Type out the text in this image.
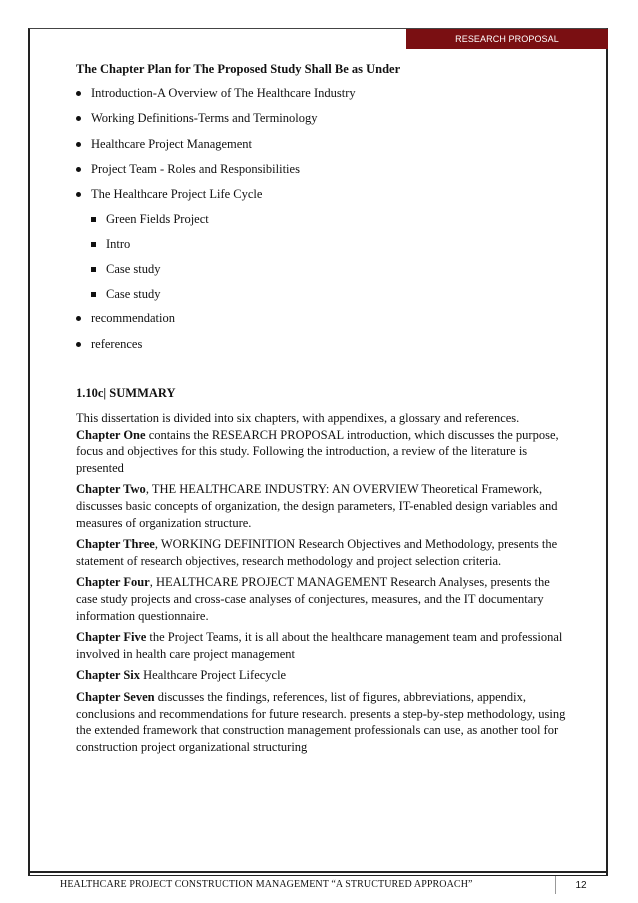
RESEARCH PROPOSAL

The Chapter Plan for The Proposed Study Shall Be as Under

Introduction-A Overview of The Healthcare Industry
Working Definitions-Terms and Terminology
Healthcare Project Management
Project Team - Roles and Responsibilities
The Healthcare Project Life Cycle
Green Fields Project
Intro
Case study
Case study
recommendation
references
1.10c| SUMMARY

This dissertation is divided into six chapters, with appendixes, a glossary and references.
Chapter One contains the RESEARCH PROPOSAL introduction, which discusses the purpose, focus and objectives for this study. Following the introduction, a review of the literature is presented

Chapter Two, THE HEALTHCARE INDUSTRY: AN OVERVIEW Theoretical Framework, discusses basic concepts of organization, the design parameters, IT-enabled design variables and measures of organization structure.

Chapter Three, WORKING DEFINITION Research Objectives and Methodology, presents the statement of research objectives, research methodology and project selection criteria.

Chapter Four, HEALTHCARE PROJECT MANAGEMENT Research Analyses, presents the case study projects and cross-case analyses of conjectures, measures, and the IT documentary information questionnaire.

Chapter Five the Project Teams, it is all about the healthcare management team and professional involved in health care project management

Chapter Six Healthcare Project Lifecycle

Chapter Seven discusses the findings, references, list of figures, abbreviations, appendix, conclusions and recommendations for future research. presents a step-by-step methodology, using the extended framework that construction management professionals can use, as another tool for construction project organizational structuring

HEALTHCARE PROJECT CONSTRUCTION MANAGEMENT “A STRUCTURED APPROACH”	12
